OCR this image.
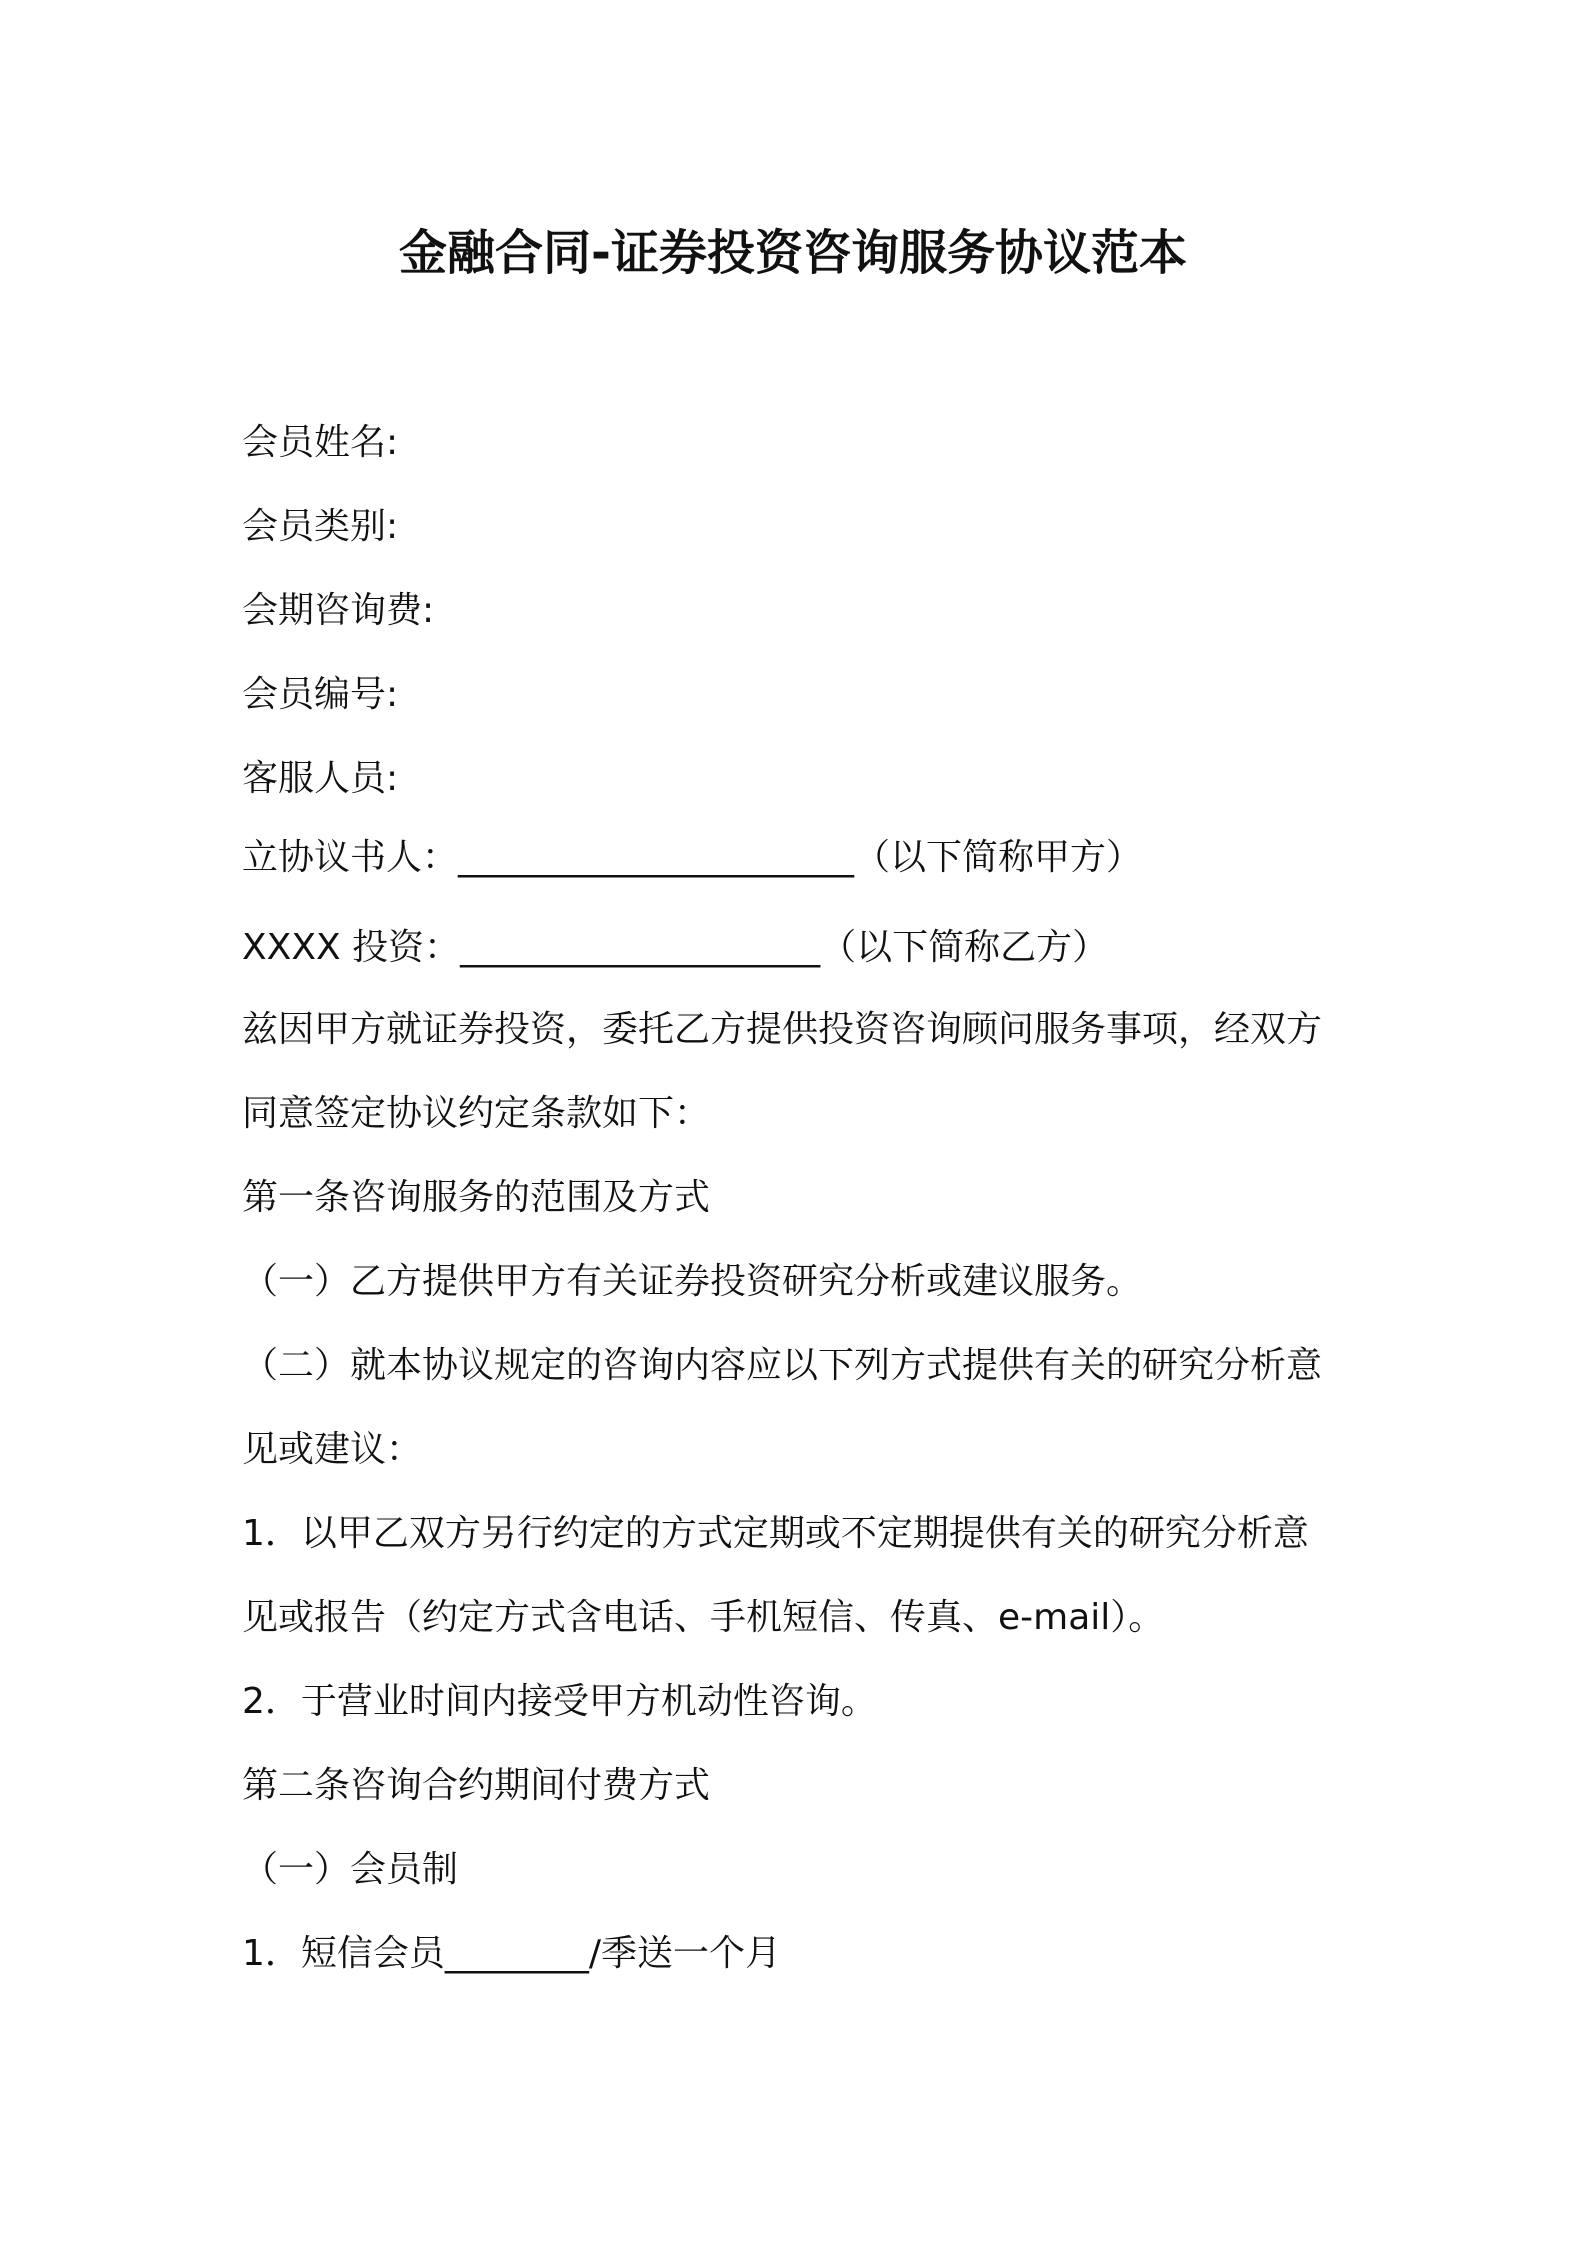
金融合同-证券投资咨询服务协议范本
会员姓名:
会员类别:
会期咨询费:
会员编号:
客服人员:
立协议书人：______________________（以下简称甲方）
XXXX 投资：____________________（以下简称乙方）
兹因甲方就证券投资，委托乙方提供投资咨询顾问服务事项，经双方
同意签定协议约定条款如下：
第一条咨询服务的范围及方式
（一）乙方提供甲方有关证券投资研究分析或建议服务。
（二）就本协议规定的咨询内容应以下列方式提供有关的研究分析意
见或建议：
1．以甲乙双方另行约定的方式定期或不定期提供有关的研究分析意
见或报告（约定方式含电话、手机短信、传真、e-mail）。
2．于营业时间内接受甲方机动性咨询。
第二条咨询合约期间付费方式
（一）会员制
1．短信会员________/季送一个月
